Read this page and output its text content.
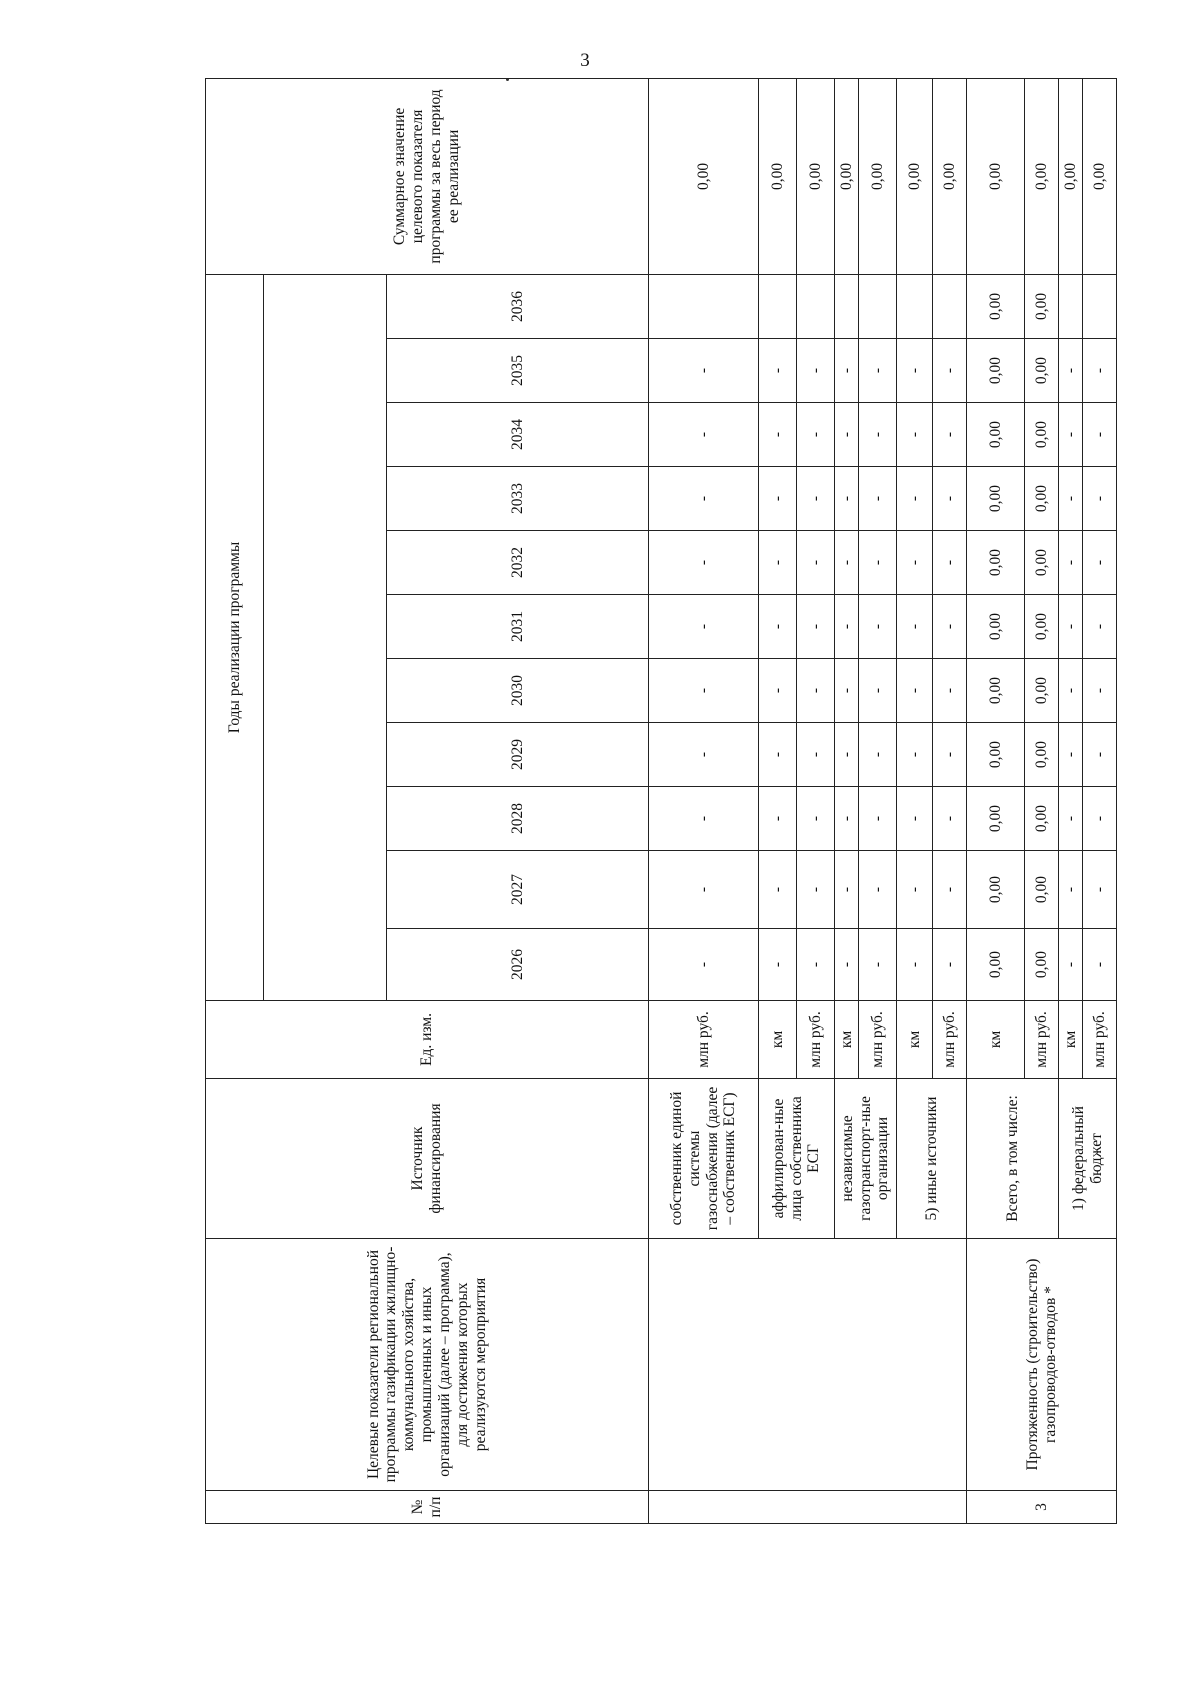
3
№ п/п	Целевые показатели региональной программы газификации жилищно-коммунального хозяйства, промышленных и иных организаций (далее – программа), для достижения которых реализуются мероприятия	Источник финансирования	Ед. изм.	Годы реализации программы											Суммарное значение целевого показателя программы за весь период ее реализации

				2026	2027	2028	2029	2030	2031	2032	2033	2034	2035	2036	
		собственник единой системы газоснабжения (далее – собственник ЕСГ)	млн руб.	-	-	-	-	-	-	-	-	-	-		0,00
		аффилирован-ные лица собственника ЕСГ	км	-	-	-	-	-	-	-	-	-	-		0,00
			млн руб.	-	-	-	-	-	-	-	-	-	-		0,00
		независимые газотранспорт-ные организации	км	-	-	-	-	-	-	-	-	-	-		0,00
			млн руб.	-	-	-	-	-	-	-	-	-	-		0,00
		5) иные источники	км	-	-	-	-	-	-	-	-	-	-		0,00
			млн руб.	-	-	-	-	-	-	-	-	-	-		0,00
3	Протяженность (строительство) газопроводов-отводов *	Всего, в том числе:	км	0,00	0,00	0,00	0,00	0,00	0,00	0,00	0,00	0,00	0,00	0,00	0,00
			млн руб.	0,00	0,00	0,00	0,00	0,00	0,00	0,00	0,00	0,00	0,00	0,00	0,00
		1) федеральный бюджет	км	-	-	-	-	-	-	-	-	-	-		0,00
			млн руб.	-	-	-	-	-	-	-	-	-	-		0,00
